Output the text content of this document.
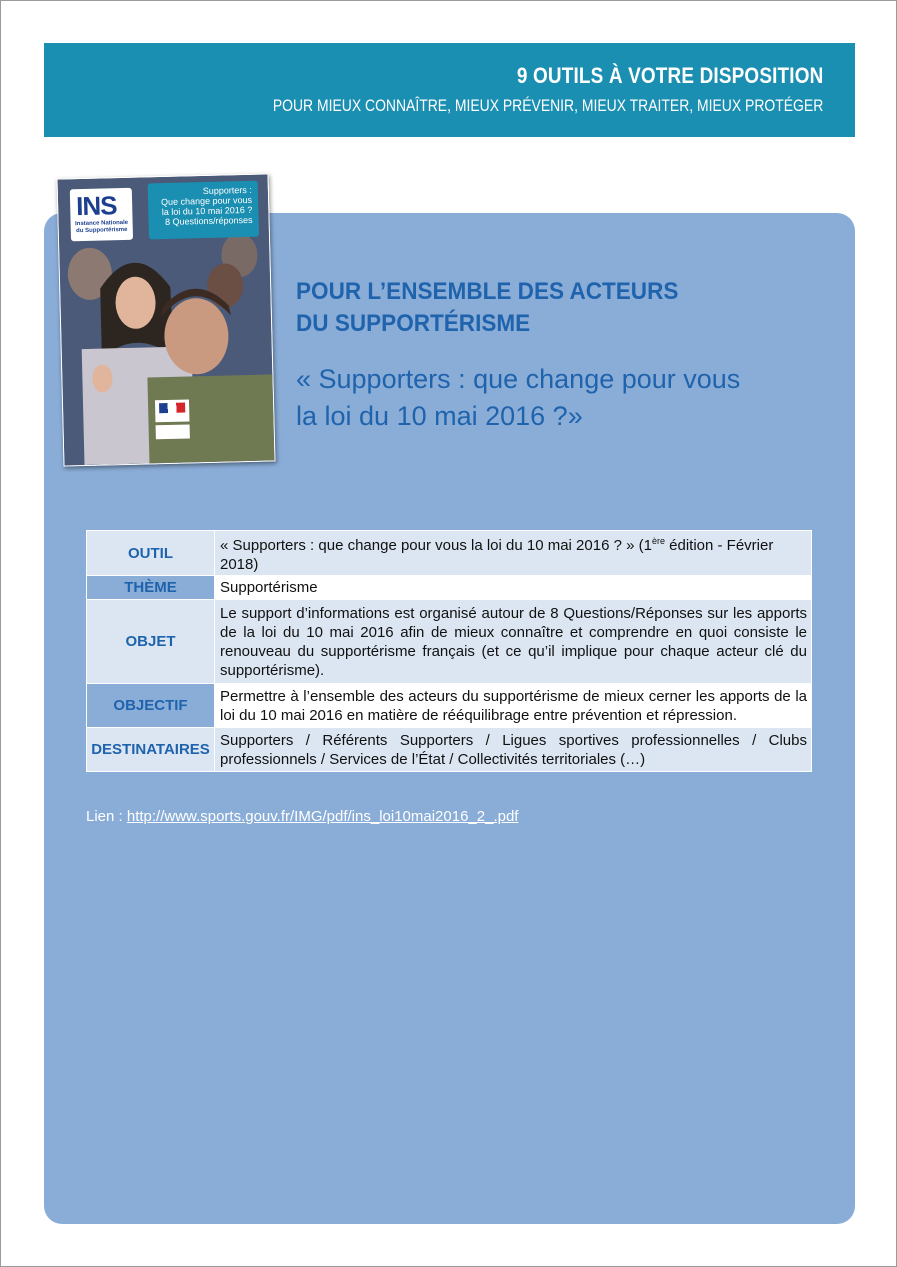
9 OUTILS À VOTRE DISPOSITION
POUR MIEUX CONNAÎTRE, MIEUX PRÉVENIR, MIEUX TRAITER, MIEUX PROTÉGER
INS
Instance Nationale
du Supportérisme
Supporters :
Que change pour vous
la loi du 10 mai 2016 ?
8 Questions/réponses
POUR L’ENSEMBLE DES ACTEURS
DU SUPPORTÉRISME
« Supporters : que change pour vous
la loi du 10 mai 2016 ?»
OUTIL	« Supporters : que change pour vous la loi du 10 mai 2016 ? » (1ère édition - Février 2018)
THÈME	Supportérisme
OBJET	Le support d’informations est organisé autour de 8 Questions/Réponses sur les apports de la loi du 10 mai 2016 afin de mieux connaître et comprendre en quoi consiste le renouveau du supportérisme français (et ce qu’il implique pour chaque acteur clé du supportérisme).
OBJECTIF	Permettre à l’ensemble des acteurs du supportérisme de mieux cerner les apports de la loi du 10 mai 2016 en matière de rééquilibrage entre prévention et répression.
DESTINATAIRES	Supporters / Référents Supporters / Ligues sportives professionnelles / Clubs professionnels / Services de l’État / Collectivités territoriales (…)
Lien : http://www.sports.gouv.fr/IMG/pdf/ins_loi10mai2016_2_.pdf
